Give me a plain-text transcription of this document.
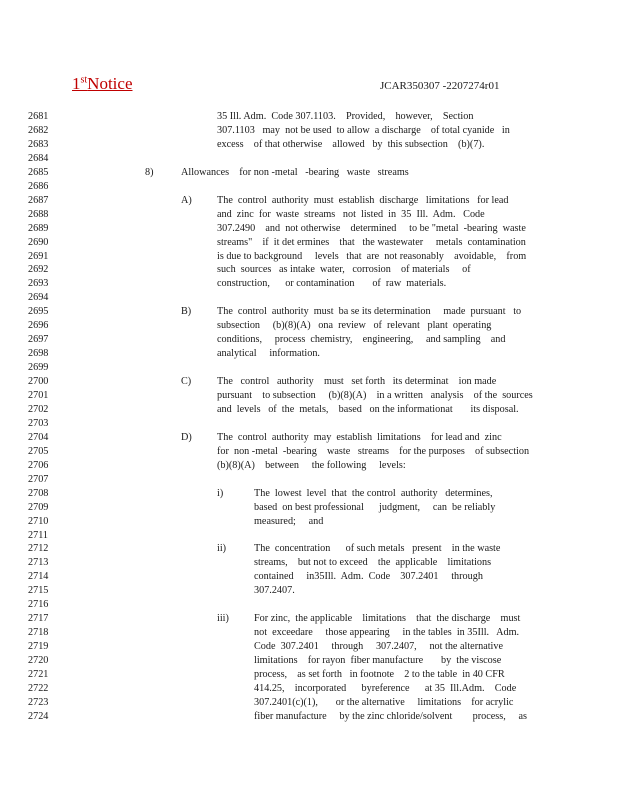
1stNotice	JCAR350307 -2207274r01
2681	35 Ill. Adm.  Code 307.1103.    Provided,    however,    Section
2682	307.1103   may  not be used  to allow  a discharge    of total cyanide   in
2683	excess    of that otherwise    allowed   by  this subsection    (b)(7).
2684
2685	8)	Allowances    for non -metal   -bearing   waste   streams
2686
2687	A) The  control  authority  must  establish  discharge   limitations   for lead
2688	and  zinc  for  waste  streams   not  listed  in  35  Ill.  Adm.   Code
2689	307.2490    and  not otherwise    determined     to be "metal  -bearing  waste
2690	streams"    if  it det ermines    that   the wastewater     metals  contamination
2691	is due to background     levels   that  are  not reasonably    avoidable,    from
2692	such  sources   as intake  water,   corrosion    of materials     of
2693	construction,      or contamination       of  raw  materials.
2694
2695	B)	The  control  authority  must  ba se its determination     made  pursuant   to
2696	subsection     (b)(8)(A)   ona  review   of  relevant   plant  operating
2697	conditions,     process  chemistry,    engineering,     and sampling    and
2698	analytical     information.
2699
2700	C)	The   control   authority    must   set forth   its determinat    ion made
2701	pursuant    to subsection     (b)(8)(A)    in a written   analysis    of the  sources
2702	and  levels   of  the  metals,    based   on the informationat       its disposal.
2703
2704	D) The  control  authority  may  establish  limitations    for lead and  zinc
2705	for  non -metal  -bearing    waste   streams    for the purposes    of subsection
2706	(b)(8)(A)    between     the following     levels:
2707
2708	i)	The  lowest  level  that  the control  authority   determines,
2709	based  on best professional      judgment,     can  be reliably
2710	measured;     and
2711
2712	ii)	The  concentration      of such metals   present    in the waste
2713	streams,    but not to exceed    the  applicable    limitations
2714	contained     in35Ill.  Adm.  Code    307.2401     through
2715	307.2407.
2716
2717	iii) For zinc,  the applicable    limitations    that  the discharge    must
2718	not  exceedare     those appearing     in the tables  in 35Ill.   Adm.
2719	Code  307.2401     through     307.2407,     not the alternative
2720	limitations    for rayon  fiber manufacture       by  the viscose
2721	process,    as set forth   in footnote    2 to the table  in 40 CFR
2722	414.25,    incorporated      byreference      at 35  Ill.Adm.    Code
2723	307.2401(c)(1),       or the alternative     limitations    for acrylic
2724	fiber manufacture     by the zinc chloride/solvent        process,     as
